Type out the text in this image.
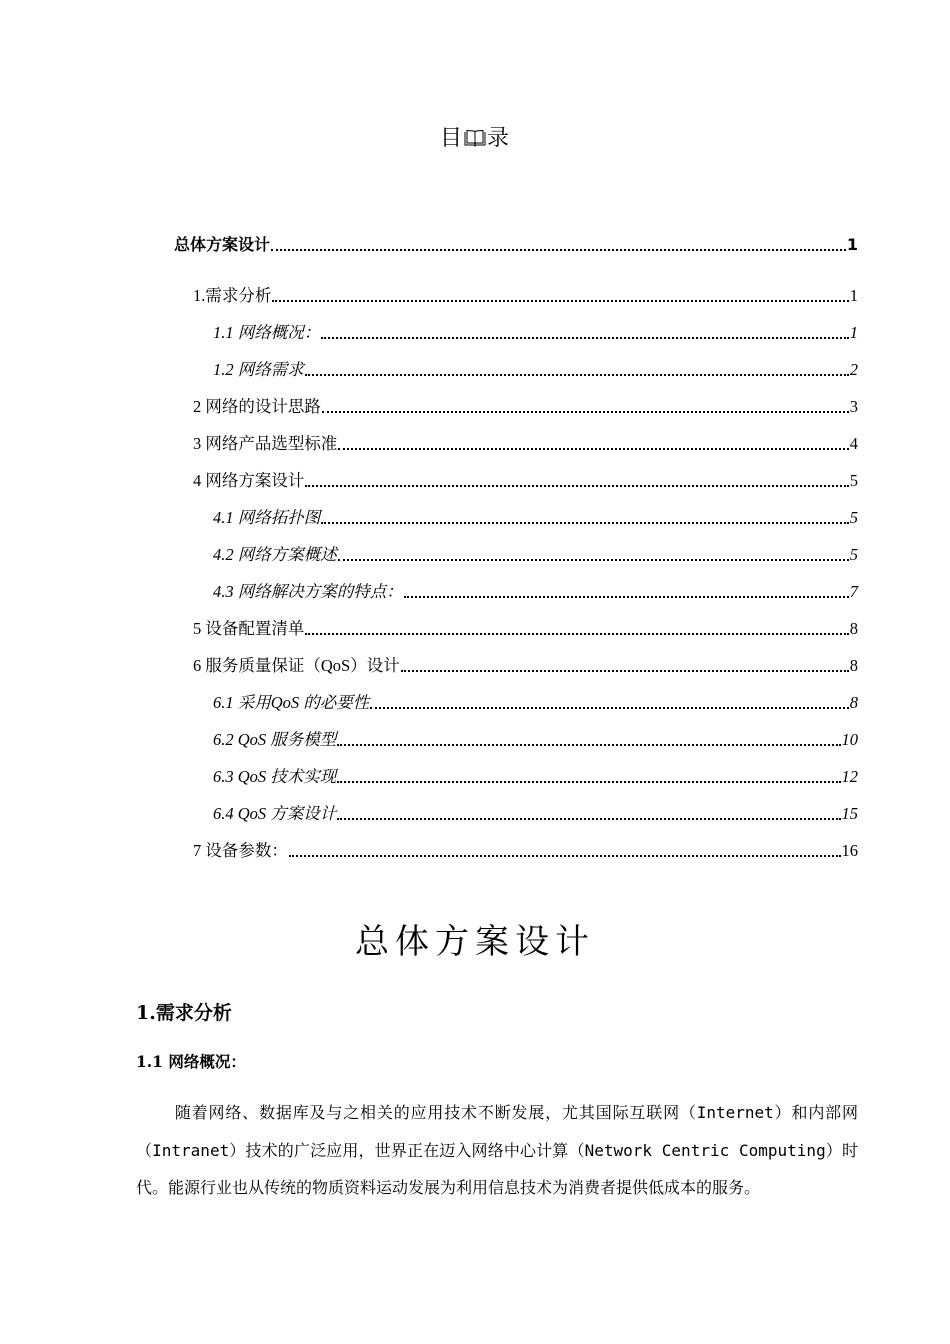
目 录
总体方案设计	1
1.需求分析	1
1.1 网络概况：	1
1.2 网络需求	2
2 网络的设计思路	3
3 网络产品选型标准	4
4 网络方案设计	5
4.1 网络拓扑图	5
4.2 网络方案概述	5
4.3 网络解决方案的特点：	7
5 设备配置清单	8
6 服务质量保证（QoS）设计	8
6.1 采用QoS 的必要性	8
6.2 QoS 服务模型	10
6.3 QoS 技术实现	12
6.4 QoS 方案设计	15
7 设备参数：	16
总体方案设计
1.需求分析
1.1 网络概况：
随着网络、数据库及与之相关的应用技术不断发展，尤其国际互联网（Internet）和内部网（Intranet）技术的广泛应用，世界正在迈入网络中心计算（Network Centric Computing）时代。能源行业也从传统的物质资料运动发展为利用信息技术为消费者提供低成本的服务。
